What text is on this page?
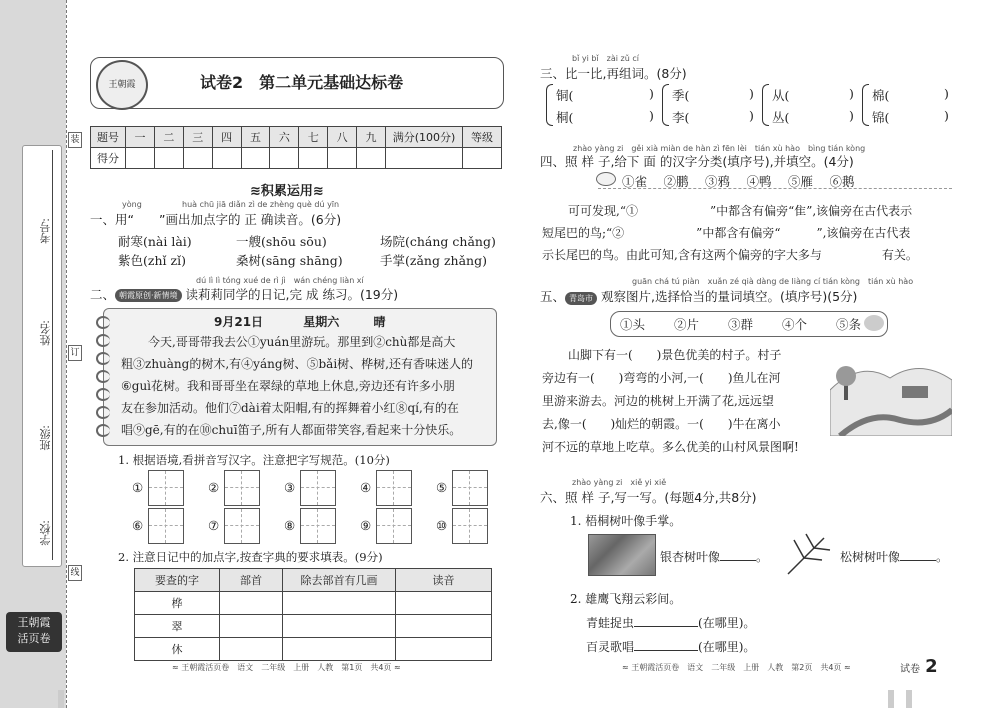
学校:
班级:
姓名:
考号:
装
订
线
王朝霞
活页卷
王朝霞	试卷2　第二单元基础达标卷
题号	一	二	三	四	五	六	七	八	九	满分(100分)	等级
得分											
≋积累运用≋
yòng	huà chū jiā diǎn zì de zhèng què dú yīn
一、用“　　”画出加点字的 正 确读音。(6分)
耐寒(nài lài)	一艘(shōu sōu)	场院(cháng chǎng)
紫色(zhǐ zǐ)	桑树(sāng shāng)	手掌(zǎng zhǎng)
dú lì lì tóng xué de rì jì　wán chéng liàn xí
二、 朝霞原创·新情境 读莉莉同学的日记,完 成 练习。(19分)
9月21日	星期六	晴
今天,哥哥带我去公①yuán里游玩。那里到②chù都是高大
粗③zhuàng的树木,有④yáng树、⑤bǎi树、桦树,还有香味迷人的
⑥guì花树。我和哥哥坐在翠绿的草地上休息,旁边还有许多小朋
友在参加活动。他们⑦dài着太阳帽,有的挥舞着小红⑧qí,有的在
唱⑨gē,有的在⑩chuī笛子,所有人都面带笑容,看起来十分快乐。
1. 根据语境,看拼音写汉字。注意把字写规范。(10分)
①	②	③	④	⑤
⑥	⑦	⑧	⑨	⑩
2. 注意日记中的加点字,按查字典的要求填表。(9分)
要查的字	部首	除去部首有几画	读音
桦			
翠			
休			
≈ 王朝霞活页卷　语文　二年级　上册　人教　第1页　共4页 ≈
bǐ yi bǐ　zài zǔ cí
三、比一比,再组词。(8分)
铜(
桐(
季(
李(
从(
丛(
棉(
锦(
)
)
)
)
)
)
)
)
zhào yàng zi　gěi xià miàn de hàn zì fēn lèi　tián xù hào　bìng tián kòng
四、照 样 子,给下 面 的汉字分类(填序号),并填空。(4分)
①雀　 ②鹏　 ③鸦　 ④鸭　 ⑤雁　 ⑥鹅
可可发现,“①　　　　　　”中都含有偏旁“隹”,该偏旁在古代表示
短尾巴的鸟;“②　　　　　　”中都含有偏旁“　　　”,该偏旁在古代表
示长尾巴的鸟。由此可知,含有这两个偏旁的字大多与　　　　　有关。
guān chá tú piàn　xuǎn zé qià dàng de liàng cí tián kòng　tián xù hào
五、 青岛市 观察图片,选择恰当的量词填空。(填序号)(5分)
①头　　 ②片　　 ③群　　 ④个　　 ⑤条
山脚下有一(　　)景色优美的村子。村子
旁边有一(　　)弯弯的小河,一(　　)鱼儿在河
里游来游去。河边的桃树上开满了花,远远望
去,像一(　　)灿烂的朝霞。一(　　)牛在离小
河不远的草地上吃草。多么优美的山村风景图啊!
zhào yàng zi　xiě yi xiě
六、照 样 子,写一写。(每题4分,共8分)
1. 梧桐树叶像手掌。
银杏树叶像	。	松树树叶像	。
2. 雄鹰飞翔云彩间。
青蛙捉虫	(在哪里)。
百灵歌唱	(在哪里)。
≈ 王朝霞活页卷　语文　二年级　上册　人教　第2页　共4页 ≈	试卷 2
